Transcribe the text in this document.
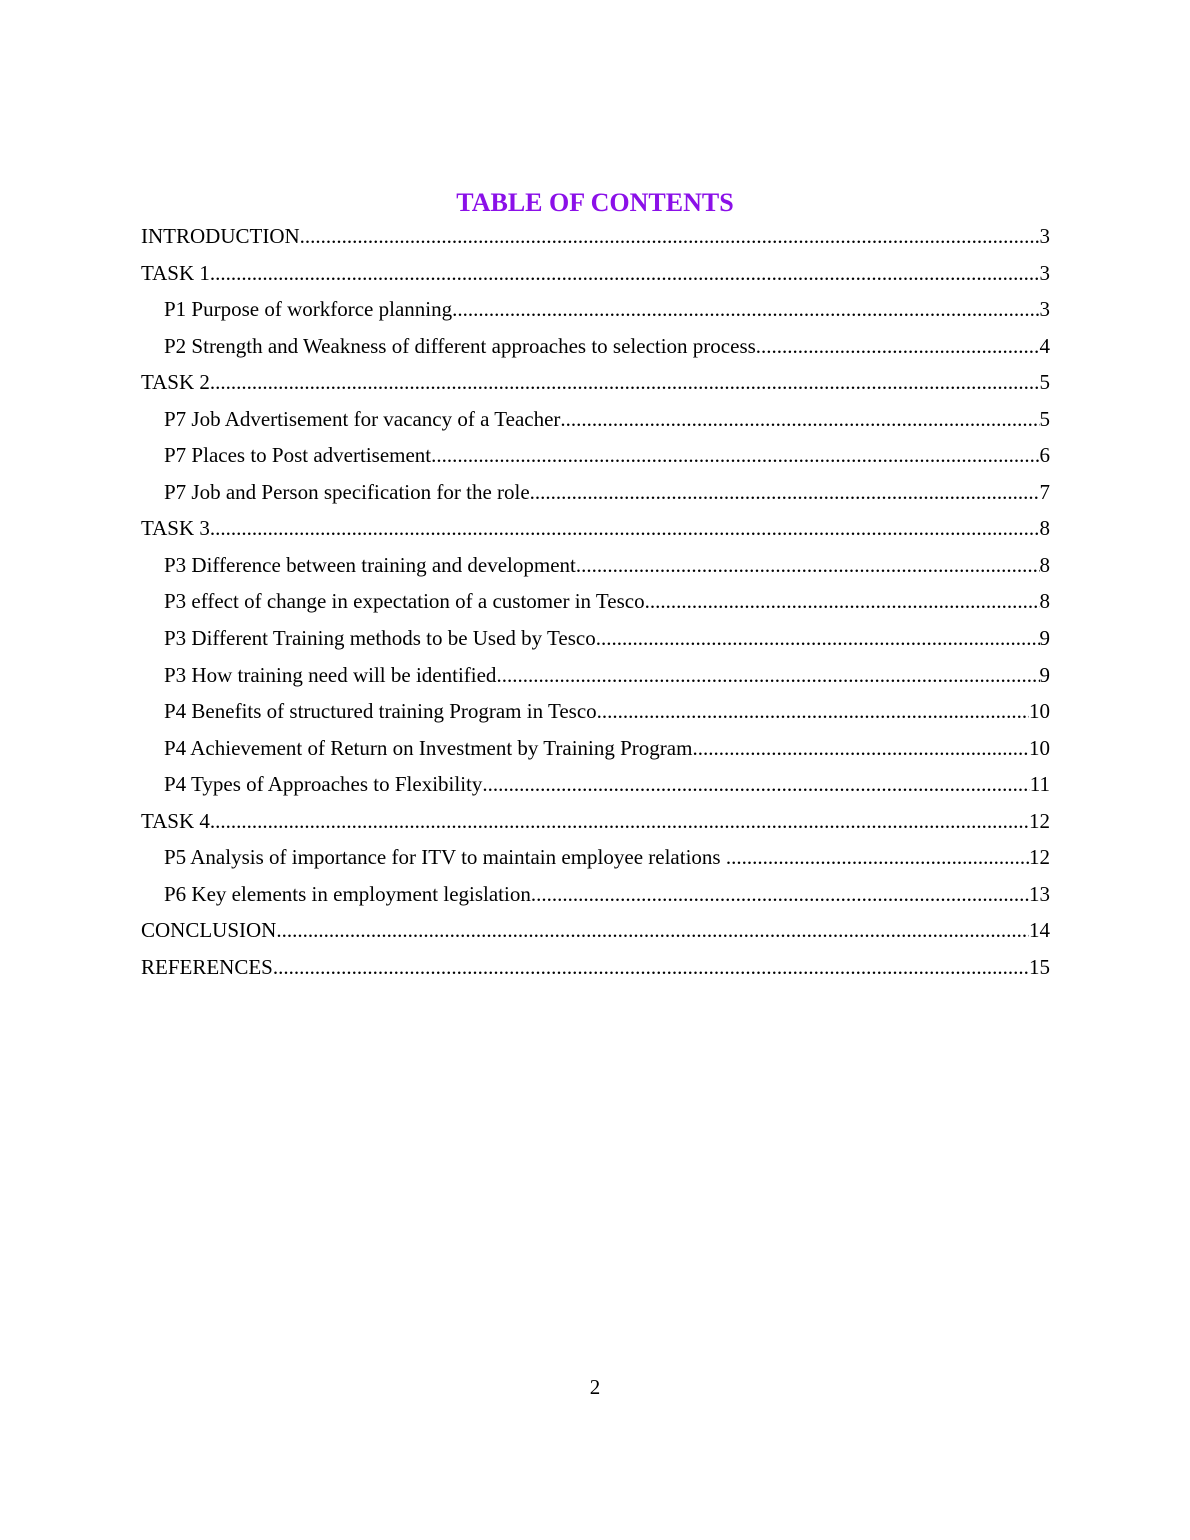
TABLE OF CONTENTS
INTRODUCTION .....	3
TASK 1 .....	3
P1 Purpose of workforce planning .....	3
P2 Strength and Weakness of different approaches to selection process .....	4
TASK 2 .....	5
P7 Job Advertisement for vacancy of a Teacher .....	5
P7 Places to Post advertisement .....	6
P7 Job and Person specification for the role .....	7
TASK 3 .....	8
P3 Difference between training and development .....	8
P3 effect of change in expectation of a customer in Tesco .....	8
P3 Different Training methods to be Used by Tesco .....	9
P3 How training need will be identified .....	9
P4 Benefits of structured training Program in Tesco .....	10
P4 Achievement of Return on Investment by Training Program .....	10
P4 Types of Approaches to Flexibility .....	11
TASK 4 .....	12
P5 Analysis of importance for ITV to maintain employee relations .....	12
P6 Key elements in employment legislation .....	13
CONCLUSION .....	14
REFERENCES .....	15
2
